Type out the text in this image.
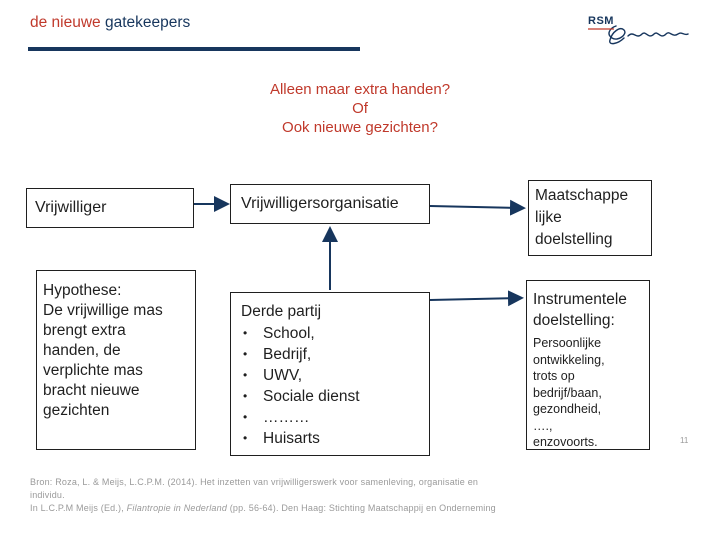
de nieuwe gatekeepers	RSM
Alleen maar extra handen?
Of
Ook nieuwe gezichten?
Vrijwilliger	Vrijwilligersorganisatie
Hypothese:
De vrijwillige mas
brengt extra
handen, de
verplichte mas
bracht nieuwe
gezichten
Derde partij
• School,
• Bedrijf,
• UWV,
• Sociale dienst
• ………
• Huisarts
Maatschappe
lijke
doelstelling
Instrumentele
doelstelling:
Persoonlijke
ontwikkeling,
trots op
bedrijf/baan,
gezondheid,
….,
enzovoorts.
Bron: Roza, L. & Meijs, L.C.P.M. (2014). Het inzetten van vrijwilligerswerk voor samenleving, organisatie en individu.
In L.C.P.M Meijs (Ed.), Filantropie in Nederland (pp. 56-64). Den Haag: Stichting Maatschappij en Onderneming
11
